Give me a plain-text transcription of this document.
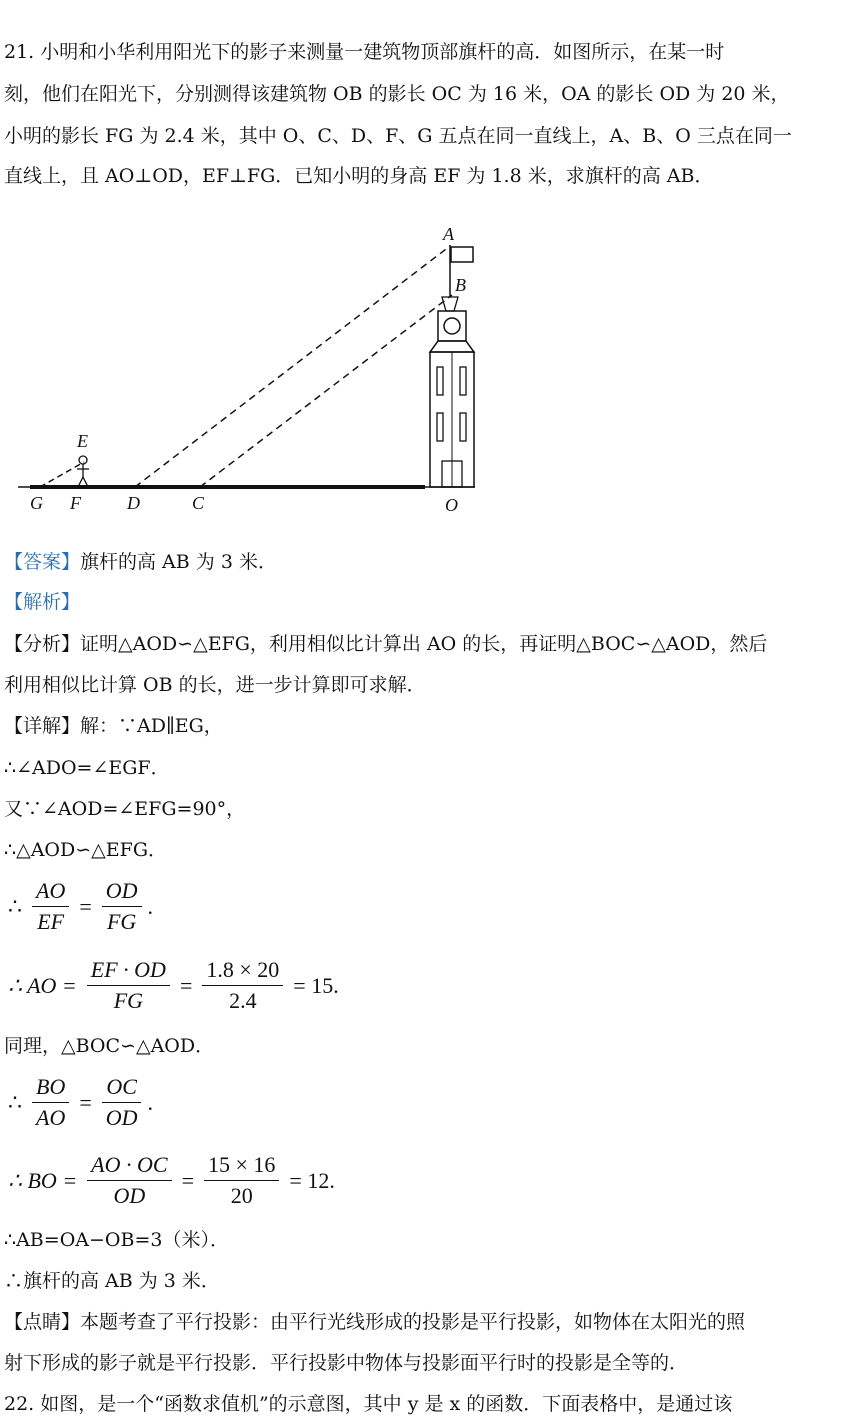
21. 小明和小华利用阳光下的影子来测量一建筑物顶部旗杆的高．如图所示，在某一时
刻，他们在阳光下，分别测得该建筑物 OB 的影长 OC 为 16 米，OA 的影长 OD 为 20 米，
小明的影长 FG 为 2.4 米，其中 O、C、D、F、G 五点在同一直线上，A、B、O 三点在同一
直线上，且 AO⊥OD，EF⊥FG．已知小明的身高 EF 为 1.8 米，求旗杆的高 AB．
A
B
E
G F	D	C	O
【答案】旗杆的高 AB 为 3 米．
【解析】
【分析】证明△AOD∽△EFG，利用相似比计算出 AO 的长，再证明△BOC∽△AOD，然后
利用相似比计算 OB 的长，进一步计算即可求解．
【详解】解：∵AD∥EG，
∴∠ADO=∠EGF．
又∵∠AOD=∠EFG=90°，
∴△AOD∽△EFG．
∴ $\frac{AO}{EF} = \frac{OD}{FG}$ .
∴ AO = $\frac{EF \cdot OD}{FG} = \frac{1.8 \times 20}{2.4} = 15$.
同理，△BOC∽△AOD．
∴ $\frac{BO}{AO} = \frac{OC}{OD}$ .
∴ BO = $\frac{AO \cdot OC}{OD} = \frac{15 \times 16}{20} = 12$.
∴AB=OA−OB=3（米）．
∴旗杆的高 AB 为 3 米．
【点睛】本题考查了平行投影：由平行光线形成的投影是平行投影，如物体在太阳光的照
射下形成的影子就是平行投影．平行投影中物体与投影面平行时的投影是全等的．
22. 如图，是一个“函数求值机”的示意图，其中 y 是 x 的函数．下面表格中，是通过该
